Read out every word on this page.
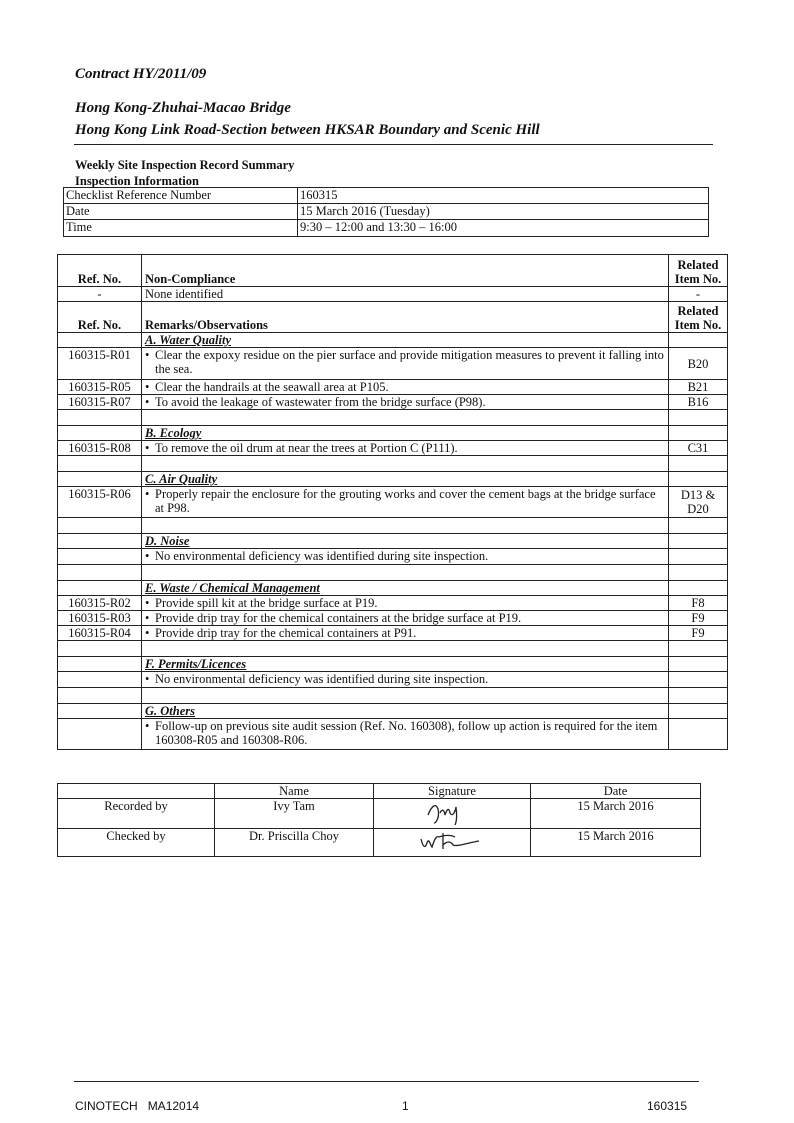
Contract HY/2011/09
Hong Kong-Zhuhai-Macao Bridge
Hong Kong Link Road-Section between HKSAR Boundary and Scenic Hill
Weekly Site Inspection Record Summary
Inspection Information
Checklist Reference Number	160315
Date	15 March 2016 (Tuesday)
Time	9:30 – 12:00 and 13:30 – 16:00
Ref. No.	Non-Compliance	Related
Item No.
-	None identified	-
Ref. No.	Remarks/Observations	Related
Item No.
	A. Water Quality	
160315-R01	• Clear the expoxy residue on the pier surface and provide mitigation measures to prevent it falling into the sea.	B20
160315-R05	• Clear the handrails at the seawall area at P105.	B21
160315-R07	• To avoid the leakage of wastewater from the bridge surface (P98).	B16

	B. Ecology	
160315-R08	• To remove the oil drum at near the trees at Portion C (P111).	C31

	C. Air Quality	
160315-R06	• Properly repair the enclosure for the grouting works and cover the cement bags at the bridge surface at P98.	D13 & D20

	D. Noise	

	• No environmental deficiency was identified during site inspection.

	E. Waste / Chemical Management	
160315-R02	• Provide spill kit at the bridge surface at P19.	F8
160315-R03	• Provide drip tray for the chemical containers at the bridge surface at P19.	F9
160315-R04	• Provide drip tray for the chemical containers at P91.	F9

	F. Permits/Licences	

	• No environmental deficiency was identified during site inspection.

	G. Others	

	• Follow-up on previous site audit session (Ref. No. 160308), follow up action is required for the item 160308-R05 and 160308-R06.

	Name	Signature	Date
Recorded by	Ivy Tam		15 March 2016
Checked by	Dr. Priscilla Choy		15 March 2016
CINOTECH MA12014	1	160315
